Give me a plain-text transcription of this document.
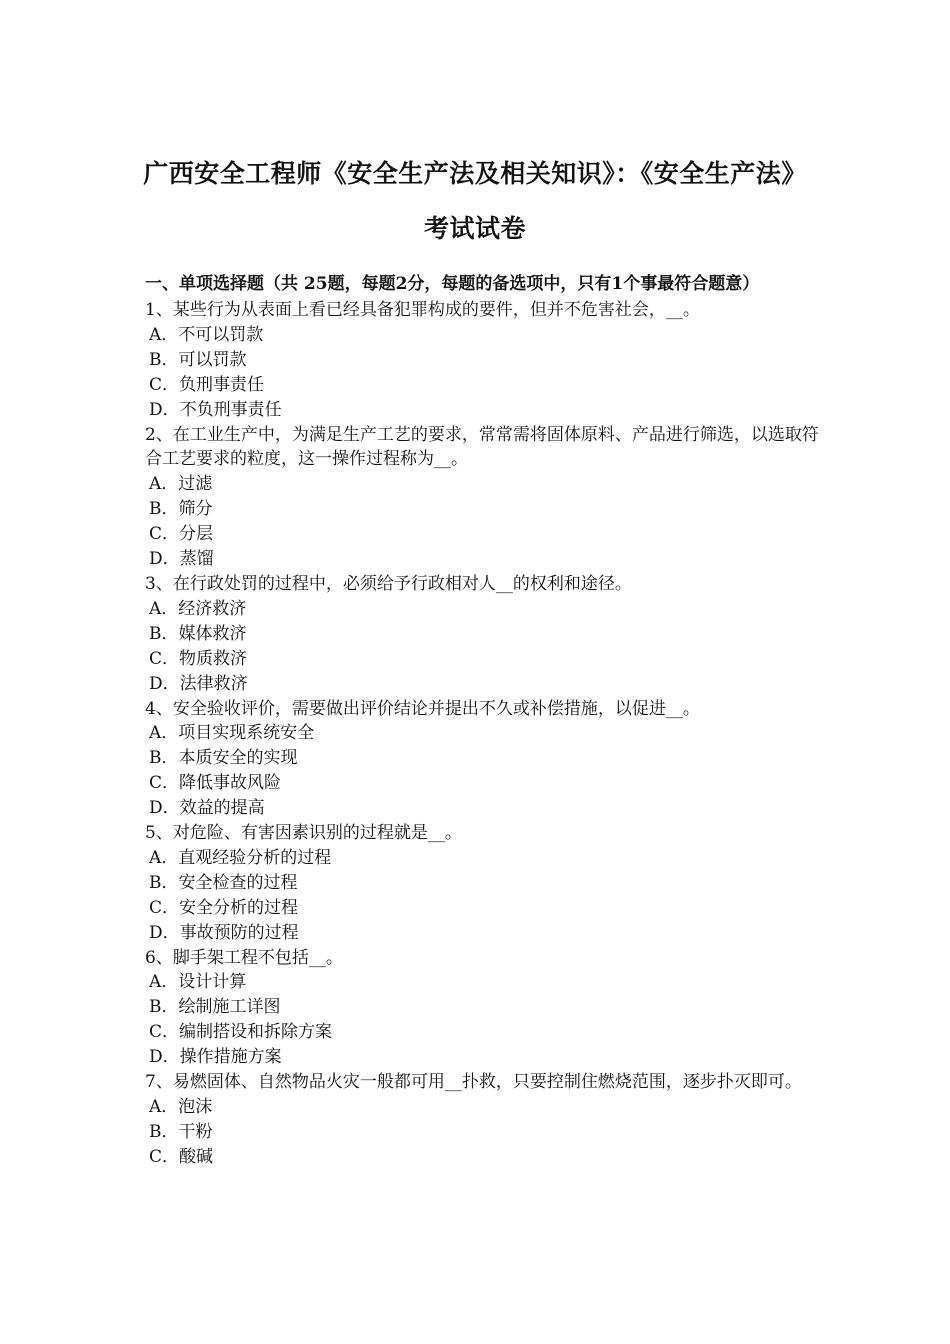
广西安全工程师《安全生产法及相关知识》：《安全生产法》考试试卷
一、单项选择题（共 25题，每题2分，每题的备选项中，只有1个事最符合题意）
1、某些行为从表面上看已经具备犯罪构成的要件，但并不危害社会，__。
A．不可以罚款
B．可以罚款
C．负刑事责任
D．不负刑事责任
2、在工业生产中，为满足生产工艺的要求，常常需将固体原料、产品进行筛选，以选取符合工艺要求的粒度，这一操作过程称为__。
A．过滤
B．筛分
C．分层
D．蒸馏
3、在行政处罚的过程中，必须给予行政相对人__的权利和途径。
A．经济救济
B．媒体救济
C．物质救济
D．法律救济
4、安全验收评价，需要做出评价结论并提出不久或补偿措施，以促进__。
A．项目实现系统安全
B．本质安全的实现
C．降低事故风险
D．效益的提高
5、对危险、有害因素识别的过程就是__。
A．直观经验分析的过程
B．安全检查的过程
C．安全分析的过程
D．事故预防的过程
6、脚手架工程不包括__。
A．设计计算
B．绘制施工详图
C．编制搭设和拆除方案
D．操作措施方案
7、易燃固体、自然物品火灾一般都可用__扑救，只要控制住燃烧范围，逐步扑灭即可。
A．泡沫
B．干粉
C．酸碱
